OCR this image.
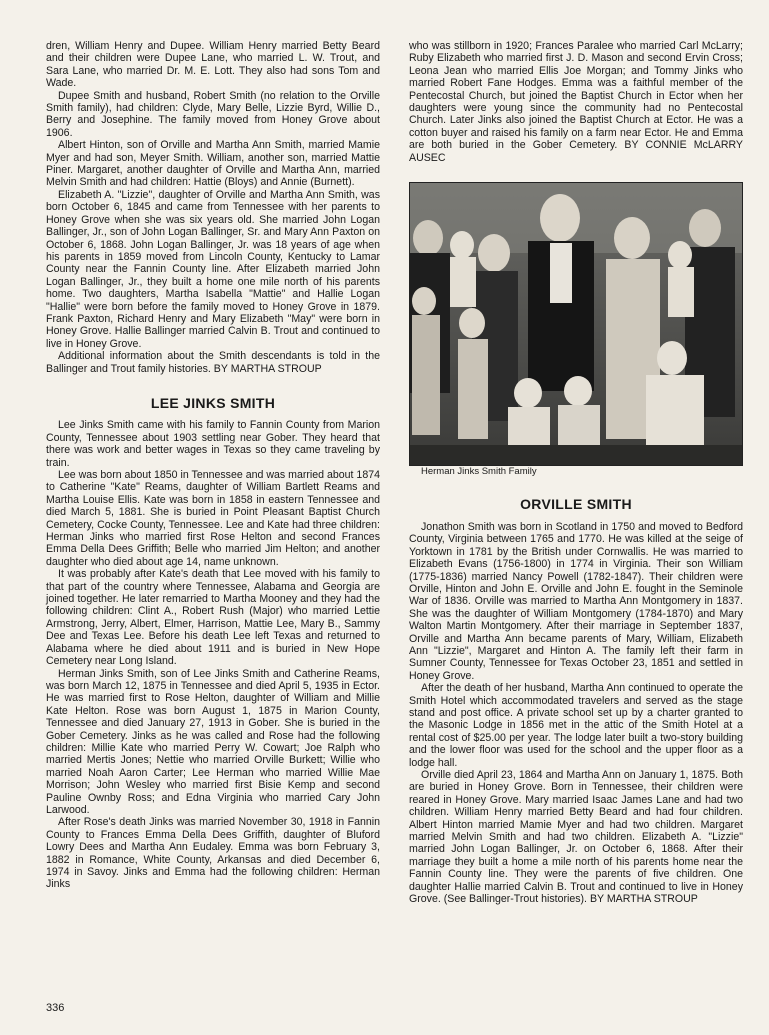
dren, William Henry and Dupee. William Henry married Betty Beard and their children were Dupee Lane, who married L. W. Trout, and Sara Lane, who married Dr. M. E. Lott. They also had sons Tom and Wade.

Dupee Smith and husband, Robert Smith (no relation to the Orville Smith family), had children: Clyde, Mary Belle, Lizzie Byrd, Willie D., Berry and Josephine. The family moved from Honey Grove about 1906.

Albert Hinton, son of Orville and Martha Ann Smith, married Mamie Myer and had son, Meyer Smith. William, another son, married Mattie Piner. Margaret, another daughter of Orville and Martha Ann, married Melvin Smith and had children: Hattie (Bloys) and Annie (Burnett).

Elizabeth A. "Lizzie", daughter of Orville and Martha Ann Smith, was born October 6, 1845 and came from Tennessee with her parents to Honey Grove when she was six years old. She married John Logan Ballinger, Jr., son of John Logan Ballinger, Sr. and Mary Ann Paxton on October 6, 1868. John Logan Ballinger, Jr. was 18 years of age when his parents in 1859 moved from Lincoln County, Kentucky to Lamar County near the Fannin County line. After Elizabeth married John Logan Ballinger, Jr., they built a home one mile north of his parents home. Two daughters, Martha Isabella "Mattie" and Hallie Logan "Hallie" were born before the family moved to Honey Grove in 1879. Frank Paxton, Richard Henry and Mary Elizabeth "May" were born in Honey Grove. Hallie Ballinger married Calvin B. Trout and continued to live in Honey Grove.

Additional information about the Smith descendants is told in the Ballinger and Trout family histories. BY MARTHA STROUP

LEE JINKS SMITH

Lee Jinks Smith came with his family to Fannin County from Marion County, Tennessee about 1903 settling near Gober. They heard that there was work and better wages in Texas so they came traveling by train.

Lee was born about 1850 in Tennessee and was married about 1874 to Catherine "Kate" Reams, daughter of William Bartlett Reams and Martha Louise Ellis. Kate was born in 1858 in eastern Tennessee and died March 5, 1881. She is buried in Point Pleasant Baptist Church Cemetery, Cocke County, Tennessee. Lee and Kate had three children: Herman Jinks who married first Rose Helton and second Frances Emma Della Dees Griffith; Belle who married Jim Helton; and another daughter who died about age 14, name unknown.

It was probably after Kate's death that Lee moved with his family to that part of the country where Tennessee, Alabama and Georgia are joined together. He later remarried to Martha Mooney and they had the following children: Clint A., Robert Rush (Major) who married Lettie Armstrong, Jerry, Albert, Elmer, Harrison, Mattie Lee, Mary B., Sammy Dee and Texas Lee. Before his death Lee left Texas and returned to Alabama where he died about 1911 and is buried in New Hope Cemetery near Long Island.

Herman Jinks Smith, son of Lee Jinks Smith and Catherine Reams, was born March 12, 1875 in Tennessee and died April 5, 1935 in Ector. He was married first to Rose Helton, daughter of William and Millie Kate Helton. Rose was born August 1, 1875 in Marion County, Tennessee and died January 27, 1913 in Gober. She is buried in the Gober Cemetery. Jinks as he was called and Rose had the following children: Millie Kate who married Perry W. Cowart; Joe Ralph who married Mertis Jones; Nettie who married Orville Burkett; Willie who married Noah Aaron Carter; Lee Herman who married Willie Mae Morrison; John Wesley who married first Bisie Kemp and second Pauline Ownby Ross; and Edna Virginia who married Cary John Larwood.

After Rose's death Jinks was married November 30, 1918 in Fannin County to Frances Emma Della Dees Griffith, daughter of Bluford Lowry Dees and Martha Ann Eudaley. Emma was born February 3, 1882 in Romance, White County, Arkansas and died December 6, 1974 in Savoy. Jinks and Emma had the following children: Herman Jinks

who was stillborn in 1920; Frances Paralee who married Carl McLarry; Ruby Elizabeth who married first J. D. Mason and second Ervin Cross; Leona Jean who married Ellis Joe Morgan; and Tommy Jinks who married Robert Fane Hodges. Emma was a faithful member of the Pentecostal Church, but joined the Baptist Church in Ector when her daughters were young since the community had no Pentecostal Church. Later Jinks also joined the Baptist Church at Ector. He was a cotton buyer and raised his family on a farm near Ector. He and Emma are both buried in the Gober Cemetery. BY CONNIE McLARRY AUSEC

Herman Jinks Smith Family

ORVILLE SMITH

Jonathon Smith was born in Scotland in 1750 and moved to Bedford County, Virginia between 1765 and 1770. He was killed at the seige of Yorktown in 1781 by the British under Cornwallis. He was married to Elizabeth Evans (1756-1800) in 1774 in Virginia. Their son William (1775-1836) married Nancy Powell (1782-1847). Their children were Orville, Hinton and John E. Orville and John E. fought in the Seminole War of 1836. Orville was married to Martha Ann Montgomery in 1837. She was the daughter of William Montgomery (1784-1870) and Mary Walton Martin Montgomery. After their marriage in September 1837, Orville and Martha Ann became parents of Mary, William, Elizabeth Ann "Lizzie", Margaret and Hinton A. The family left their farm in Sumner County, Tennessee for Texas October 23, 1851 and settled in Honey Grove.

After the death of her husband, Martha Ann continued to operate the Smith Hotel which accommodated travelers and served as the stage stand and post office. A private school set up by a charter granted to the Masonic Lodge in 1856 met in the attic of the Smith Hotel at a rental cost of $25.00 per year. The lodge later built a two-story building and the lower floor was used for the school and the upper floor as a lodge hall.

Orville died April 23, 1864 and Martha Ann on January 1, 1875. Both are buried in Honey Grove. Born in Tennessee, their children were reared in Honey Grove. Mary married Isaac James Lane and had two children. William Henry married Betty Beard and had four children. Albert Hinton married Mamie Myer and had two children. Margaret married Melvin Smith and had two children. Elizabeth A. "Lizzie" married John Logan Ballinger, Jr. on October 6, 1868. After their marriage they built a home a mile north of his parents home near the Fannin County line. They were the parents of five children. One daughter Hallie married Calvin B. Trout and continued to live in Honey Grove. (See Ballinger-Trout histories). BY MARTHA STROUP

336
